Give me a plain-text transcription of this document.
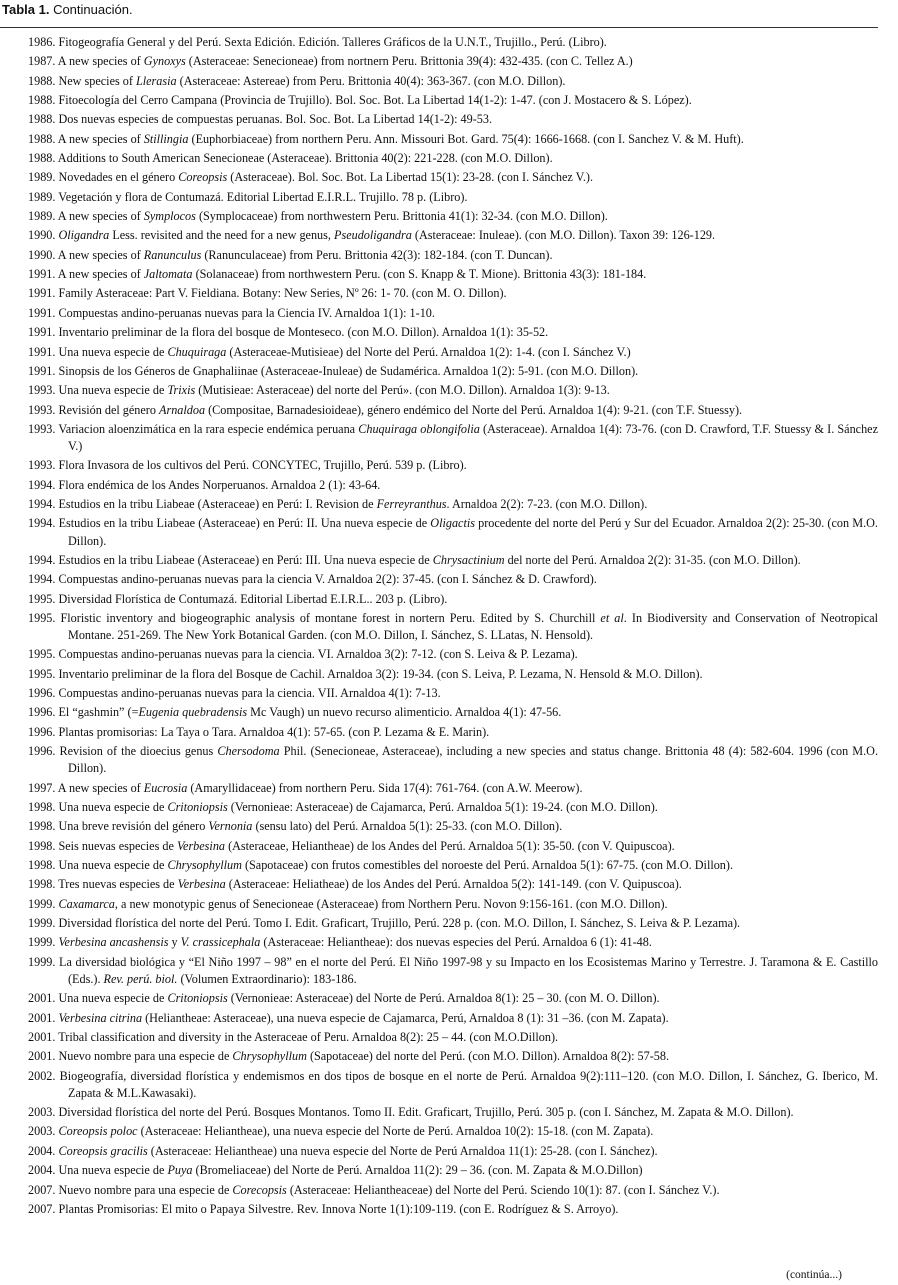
Tabla 1. Continuación.
1986. Fitogeografía General y del Perú. Sexta Edición. Edición. Talleres Gráficos de la U.N.T., Trujillo., Perú. (Libro).
1987. A new species of Gynoxys (Asteraceae: Senecioneae) from nortnern Peru. Brittonia 39(4): 432-435. (con C. Tellez A.)
1988. New species of Llerasia (Asteraceae: Astereae) from Peru. Brittonia 40(4): 363-367. (con M.O. Dillon).
1988. Fitoecología del Cerro Campana (Provincia de Trujillo). Bol. Soc. Bot. La Libertad 14(1-2): 1-47. (con J. Mostacero & S. López).
1988. Dos nuevas especies de compuestas peruanas. Bol. Soc. Bot. La Libertad 14(1-2): 49-53.
1988. A new species of Stillingia (Euphorbiaceae) from northern Peru. Ann. Missouri Bot. Gard. 75(4): 1666-1668. (con I. Sanchez V. & M. Huft).
1988. Additions to South American Senecioneae (Asteraceae). Brittonia 40(2): 221-228. (con M.O. Dillon).
1989. Novedades en el género Coreopsis (Asteraceae). Bol. Soc. Bot. La Libertad 15(1): 23-28. (con I. Sánchez V.).
1989. Vegetación y flora de Contumazá. Editorial Libertad E.I.R.L. Trujillo. 78 p. (Libro).
1989. A new species of Symplocos (Symplocaceae) from northwestern Peru. Brittonia 41(1): 32-34. (con M.O. Dillon).
1990. Oligandra Less. revisited and the need for a new genus, Pseudoligandra (Asteraceae: Inuleae). (con M.O. Dillon). Taxon 39: 126-129.
1990. A new species of Ranunculus (Ranunculaceae) from Peru. Brittonia 42(3): 182-184. (con T. Duncan).
1991. A new species of Jaltomata (Solanaceae) from northwestern Peru. (con S. Knapp & T. Mione). Brittonia 43(3): 181-184.
1991. Family Asteraceae: Part V. Fieldiana. Botany: New Series, Nº 26: 1- 70. (con M. O. Dillon).
1991. Compuestas andino-peruanas nuevas para la Ciencia IV. Arnaldoa 1(1): 1-10.
1991. Inventario preliminar de la flora del bosque de Monteseco. (con M.O. Dillon). Arnaldoa 1(1): 35-52.
1991. Una nueva especie de Chuquiraga (Asteraceae-Mutisieae) del Norte del Perú. Arnaldoa 1(2): 1-4. (con I. Sánchez V.)
1991. Sinopsis de los Géneros de Gnaphaliinae (Asteraceae-Inuleae) de Sudamérica. Arnaldoa 1(2): 5-91. (con M.O. Dillon).
1993. Una nueva especie de Trixis (Mutisieae: Asteraceae) del norte del Perú». (con M.O. Dillon). Arnaldoa 1(3): 9-13.
1993. Revisión del género Arnaldoa (Compositae, Barnadesioideae), género endémico del Norte del Perú. Arnaldoa 1(4): 9-21. (con T.F. Stuessy).
1993. Variacion aloenzimática en la rara especie endémica peruana Chuquiraga oblongifolia (Asteraceae). Arnaldoa 1(4): 73-76. (con D. Crawford, T.F. Stuessy & I. Sánchez V.)
1993. Flora Invasora de los cultivos del Perú. CONCYTEC, Trujillo, Perú. 539 p. (Libro).
1994. Flora endémica de los Andes Norperuanos. Arnaldoa 2 (1): 43-64.
1994. Estudios en la tribu Liabeae (Asteraceae) en Perú: I. Revision de Ferreyranthus. Arnaldoa 2(2): 7-23. (con M.O. Dillon).
1994. Estudios en la tribu Liabeae (Asteraceae) en Perú: II. Una nueva especie de Oligactis procedente del norte del Perú y Sur del Ecuador. Arnaldoa 2(2): 25-30. (con M.O. Dillon).
1994. Estudios en la tribu Liabeae (Asteraceae) en Perú: III. Una nueva especie de Chrysactinium del norte del Perú. Arnaldoa 2(2): 31-35. (con M.O. Dillon).
1994. Compuestas andino-peruanas nuevas para la ciencia V. Arnaldoa 2(2): 37-45. (con I. Sánchez & D. Crawford).
1995. Diversidad Florística de Contumazá. Editorial Libertad E.I.R.L.. 203 p. (Libro).
1995. Floristic inventory and biogeographic analysis of montane forest in nortern Peru. Edited by S. Churchill et al. In Biodiversity and Conservation of Neotropical Montane. 251-269. The New York Botanical Garden. (con M.O. Dillon, I. Sánchez, S. LLatas, N. Hensold).
1995. Compuestas andino-peruanas nuevas para la ciencia. VI. Arnaldoa 3(2): 7-12. (con S. Leiva & P. Lezama).
1995. Inventario preliminar de la flora del Bosque de Cachil. Arnaldoa 3(2): 19-34. (con S. Leiva, P. Lezama, N. Hensold & M.O. Dillon).
1996. Compuestas andino-peruanas nuevas para la ciencia. VII. Arnaldoa 4(1): 7-13.
1996. El “gashmin” (=Eugenia quebradensis Mc Vaugh) un nuevo recurso alimenticio. Arnaldoa 4(1): 47-56.
1996. Plantas promisorias: La Taya o Tara. Arnaldoa 4(1): 57-65. (con P. Lezama & E. Marin).
1996. Revision of the dioecius genus Chersodoma Phil. (Senecioneae, Asteraceae), including a new species and status change. Brittonia 48 (4): 582-604. 1996 (con M.O. Dillon).
1997. A new species of Eucrosia (Amaryllidaceae) from northern Peru. Sida 17(4): 761-764. (con A.W. Meerow).
1998. Una nueva especie de Critoniopsis (Vernonieae: Asteraceae) de Cajamarca, Perú. Arnaldoa 5(1): 19-24. (con M.O. Dillon).
1998. Una breve revisión del género Vernonia (sensu lato) del Perú. Arnaldoa 5(1): 25-33. (con M.O. Dillon).
1998. Seis nuevas especies de Verbesina (Asteraceae, Heliantheae) de los Andes del Perú. Arnaldoa 5(1): 35-50. (con V. Quipuscoa).
1998. Una nueva especie de Chrysophyllum (Sapotaceae) con frutos comestibles del noroeste del Perú. Arnaldoa 5(1): 67-75. (con M.O. Dillon).
1998. Tres nuevas especies de Verbesina (Asteraceae: Heliatheae) de los Andes del Perú. Arnaldoa 5(2): 141-149. (con V. Quipuscoa).
1999. Caxamarca, a new monotypic genus of Senecioneae (Asteraceae) from Northern Peru. Novon 9:156-161. (con M.O. Dillon).
1999. Diversidad florística del norte del Perú. Tomo I. Edit. Graficart, Trujillo, Perú. 228 p. (con. M.O. Dillon, I. Sánchez, S. Leiva & P. Lezama).
1999. Verbesina ancashensis y V. crassicephala (Asteraceae: Heliantheae): dos nuevas especies del Perú. Arnaldoa 6 (1): 41-48.
1999. La diversidad biológica y “El Niño 1997 – 98” en el norte del Perú. El Niño 1997-98 y su Impacto en los Ecosistemas Marino y Terrestre. J. Taramona & E. Castillo (Eds.). Rev. perú. biol. (Volumen Extraordinario): 183-186.
2001. Una nueva especie de Critoniopsis (Vernonieae: Asteraceae) del Norte de Perú. Arnaldoa 8(1): 25 – 30. (con M. O. Dillon).
2001. Verbesina citrina (Heliantheae: Asteraceae), una nueva especie de Cajamarca, Perú, Arnaldoa 8 (1): 31 –36. (con M. Zapata).
2001. Tribal classification and diversity in the Asteraceae of Peru. Arnaldoa 8(2): 25 – 44. (con M.O.Dillon).
2001. Nuevo nombre para una especie de Chrysophyllum (Sapotaceae) del norte del Perú. (con M.O. Dillon). Arnaldoa 8(2): 57-58.
2002. Biogeografía, diversidad florística y endemismos en dos tipos de bosque en el norte de Perú. Arnaldoa 9(2):111–120. (con M.O. Dillon, I. Sánchez, G. Iberico, M. Zapata & M.L.Kawasaki).
2003. Diversidad florística del norte del Perú. Bosques Montanos. Tomo II. Edit. Graficart, Trujillo, Perú. 305 p. (con I. Sánchez, M. Zapata & M.O. Dillon).
2003. Coreopsis poloc (Asteraceae: Heliantheae), una nueva especie del Norte de Perú. Arnaldoa 10(2): 15-18. (con M. Zapata).
2004. Coreopsis gracilis (Asteraceae: Heliantheae) una nueva especie del Norte de Perú Arnaldoa 11(1): 25-28. (con I. Sánchez).
2004. Una nueva especie de Puya (Bromeliaceae) del Norte de Perú. Arnaldoa 11(2): 29 – 36. (con. M. Zapata & M.O.Dillon)
2007. Nuevo nombre para una especie de Corecopsis (Asteraceae: Heliantheaceae) del Norte del Perú. Sciendo 10(1): 87. (con I. Sánchez V.).
2007. Plantas Promisorias: El mito o Papaya Silvestre. Rev. Innova Norte 1(1):109-119. (con E. Rodríguez & S. Arroyo).
(continúa...)
